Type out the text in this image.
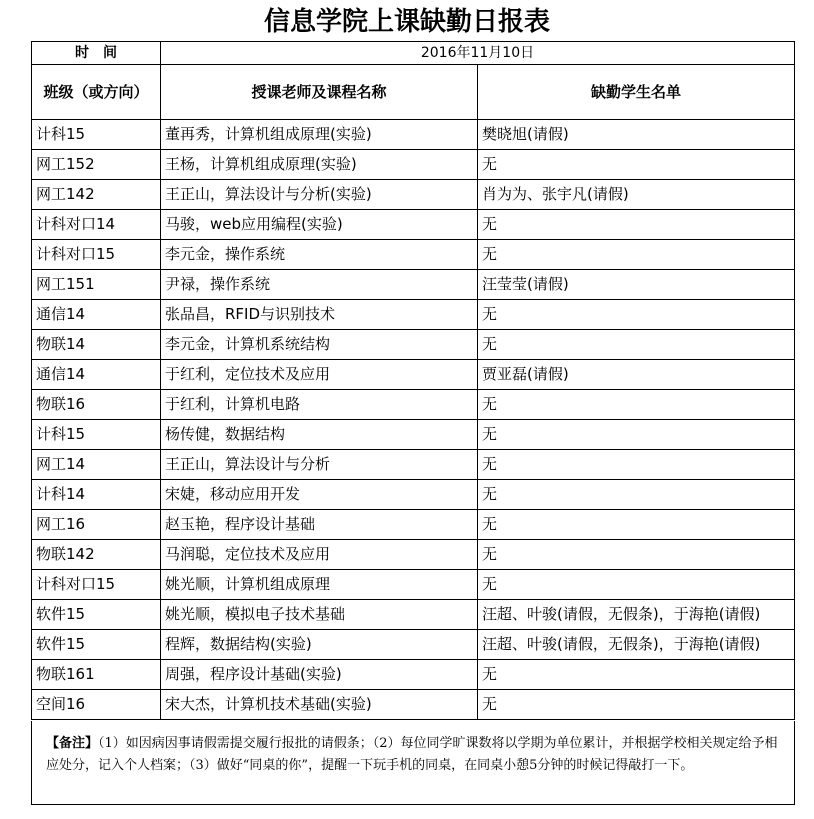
信息学院上课缺勤日报表
时　间	2016年11月10日	
班级（或方向）	授课老师及课程名称	缺勤学生名单
计科15	董再秀，计算机组成原理(实验)	樊晓旭(请假)
网工152	王杨，计算机组成原理(实验)	无
网工142	王正山，算法设计与分析(实验)	肖为为、张宇凡(请假)
计科对口14	马骏，web应用编程(实验)	无
计科对口15	李元金，操作系统	无
网工151	尹禄，操作系统	汪莹莹(请假)
通信14	张品昌，RFID与识别技术	无
物联14	李元金，计算机系统结构	无
通信14	于红利，定位技术及应用	贾亚磊(请假)
物联16	于红利，计算机电路	无
计科15	杨传健，数据结构	无
网工14	王正山，算法设计与分析	无
计科14	宋婕，移动应用开发	无
网工16	赵玉艳，程序设计基础	无
物联142	马润聪，定位技术及应用	无
计科对口15	姚光顺，计算机组成原理	无
软件15	姚光顺，模拟电子技术基础	汪超、叶骏(请假，无假条)，于海艳(请假)
软件15	程辉，数据结构(实验)	汪超、叶骏(请假，无假条)，于海艳(请假)
物联161	周强，程序设计基础(实验)	无
空间16	宋大杰，计算机技术基础(实验)	无
【备注】（1）如因病因事请假需提交履行报批的请假条；（2）每位同学旷课数将以学期为单位累计，并根据学校相关规定给予相应处分，记入个人档案；（3）做好“同桌的你”，提醒一下玩手机的同桌，在同桌小憩5分钟的时候记得敲打一下。
